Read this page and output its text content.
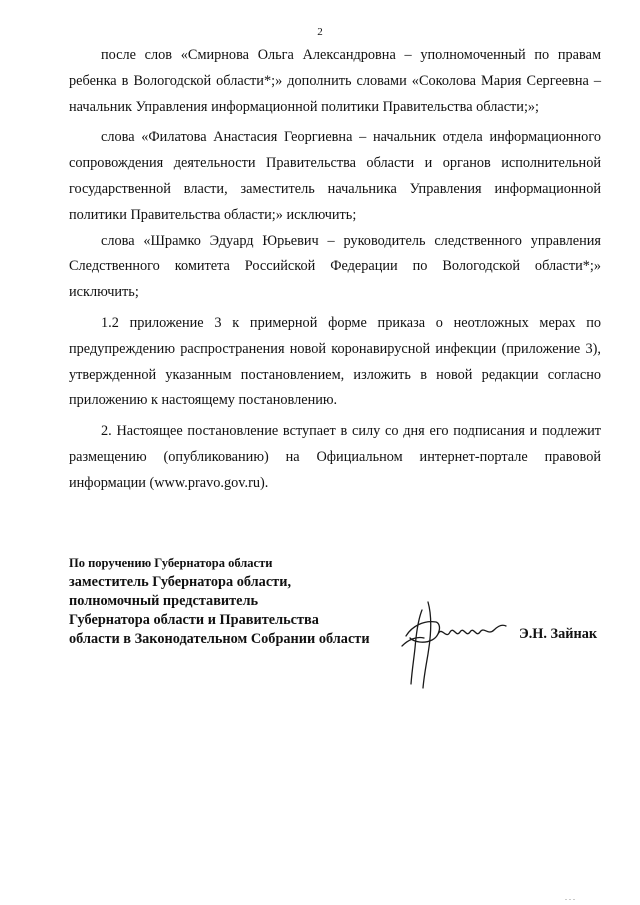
2

после слов «Смирнова Ольга Александровна – уполномоченный по правам ребенка в Вологодской области*;» дополнить словами «Соколова Мария Сергеевна – начальник Управления информационной политики Правительства области;»;

слова «Филатова Анастасия Георгиевна – начальник отдела информационного сопровождения деятельности Правительства области и органов исполнительной государственной власти, заместитель начальника Управления информационной политики Правительства области;» исключить;

слова «Шрамко Эдуард Юрьевич – руководитель следственного управления Следственного комитета Российской Федерации по Вологодской области*;» исключить;

1.2 приложение 3 к примерной форме приказа о неотложных мерах по предупреждению распространения новой коронавирусной инфекции (приложение 3), утвержденной указанным постановлением, изложить в новой редакции согласно приложению к настоящему постановлению.

2. Настоящее постановление вступает в силу со дня его подписания и подлежит размещению (опубликованию) на Официальном интернет-портале правовой информации (www.pravo.gov.ru).

По поручению Губернатора области
заместитель Губернатора области,
полномочный представитель
Губернатора области и Правительства
области в Законодательном Собрании области	Э.Н. Зайнак
. . .
